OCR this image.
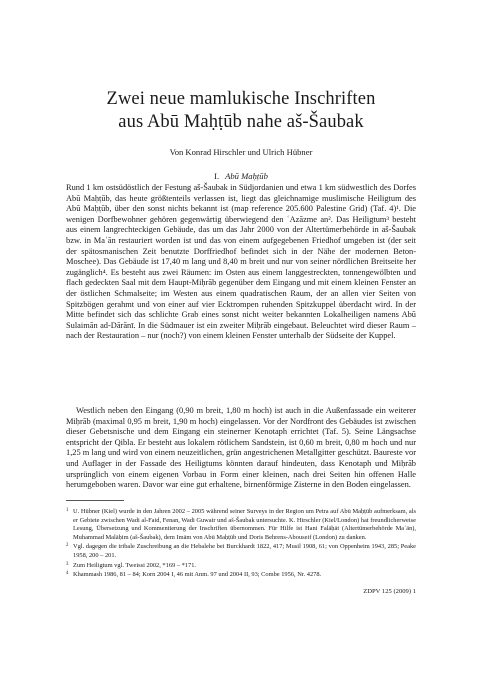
Zwei neue mamlukische Inschriften
aus Abū Maḥṭūb nahe aš-Šaubak
Von Konrad Hirschler und Ulrich Hübner
I. Abū Maḥṭūb

Rund 1 km ostsüdöstlich der Festung aš-Šaubak in Südjordanien und etwa 1 km südwestlich des Dorfes Abū Maḥṭūb, das heute größtenteils verlassen ist, liegt das gleichnamige muslimische Heiligtum des Abū Maḥṭūb, über den sonst nichts bekannt ist (map reference 205.600 Palestine Grid) (Taf. 4)¹. Die wenigen Dorfbewohner gehören gegenwärtig überwiegend den ʿAzāzme an². Das Heiligtum³ besteht aus einem langrechteckigen Gebäude, das um das Jahr 2000 von der Altertümerbehörde in aš-Šaubak bzw. in Maʿān restauriert worden ist und das von einem aufgegebenen Friedhof umgeben ist (der seit der spätosmanischen Zeit benutzte Dorffriedhof befindet sich in der Nähe der modernen Beton-Moschee). Das Gebäude ist 17,40 m lang und 8,40 m breit und nur von seiner nördlichen Breitseite her zugänglich⁴. Es besteht aus zwei Räumen: im Osten aus einem langgestreckten, tonnengewölbten und flach gedeckten Saal mit dem Haupt-Miḥrāb gegenüber dem Eingang und mit einem kleinen Fenster an der östlichen Schmalseite; im Westen aus einem quadratischen Raum, der an allen vier Seiten von Spitzbögen gerahmt und von einer auf vier Ecktrompen ruhenden Spitzkuppel überdacht wird. In der Mitte befindet sich das schlichte Grab eines sonst nicht weiter bekannten Lokalheiligen namens Abū Sulaimān ad-Dārānī. In die Südmauer ist ein zweiter Miḥrāb eingebaut. Beleuchtet wird dieser Raum – nach der Restauration – nur (noch?) von einem kleinen Fenster unterhalb der Südseite der Kuppel.

Westlich neben den Eingang (0,90 m breit, 1,80 m hoch) ist auch in die Außenfassade ein weiterer Miḥrāb (maximal 0,95 m breit, 1,90 m hoch) eingelassen. Vor der Nordfront des Gebäudes ist zwischen dieser Gebetsnische und dem Eingang ein steinerner Kenotaph errichtet (Taf. 5). Seine Längsachse entspricht der Qibla. Er besteht aus lokalem rötlichem Sandstein, ist 0,60 m breit, 0,80 m hoch und nur 1,25 m lang und wird von einem neuzeitlichen, grün angestrichenen Metallgitter geschützt. Baureste vor und Auflager in der Fassade des Heiligtums könnten darauf hindeuten, dass Kenotaph und Miḥrāb ursprünglich von einem eigenen Vorbau in Form einer kleinen, nach drei Seiten hin offenen Halle herumgeboben waren. Davor war eine gut erhaltene, birnenförmige Zisterne in den Boden eingelassen.

1 U. Hübner (Kiel) wurde in den Jahren 2002 – 2005 während seiner Surveys in der Region um Petra auf Abū Maḥṭūb aufmerksam, als er Gebiete zwischen Wadi al-Faid, Fenan, Wadi Guwair und aš-Šaubak untersuchte. K. Hirschler (Kiel/London) hat freundlicherweise Lesung, Übersetzung und Kommentierung der Inschriften übernommen. Für Hilfe ist Hani Falāḥāt (Altertümerbehörde Maʿān), Muhammad Malāḥim (aš-Šaubak), dem Imām von Abū Maḥṭūb und Doris Behrens-Abouseif (London) zu danken.

2 Vgl. dagegen die tribale Zuschreibung an die Hebalehe bei Burckhardt 1822, 417; Musil 1908, 61; von Oppenheim 1943, 285; Peake 1958, 200 – 201.

3 Zum Heiligtum vgl. Tweissi 2002, *169 – *171.

4 Khammash 1986, 81 – 84; Korn 2004 I, 46 mit Anm. 97 und 2004 II, 93; Combe 1956, Nr. 4278.

ZDPV 125 (2009) 1
